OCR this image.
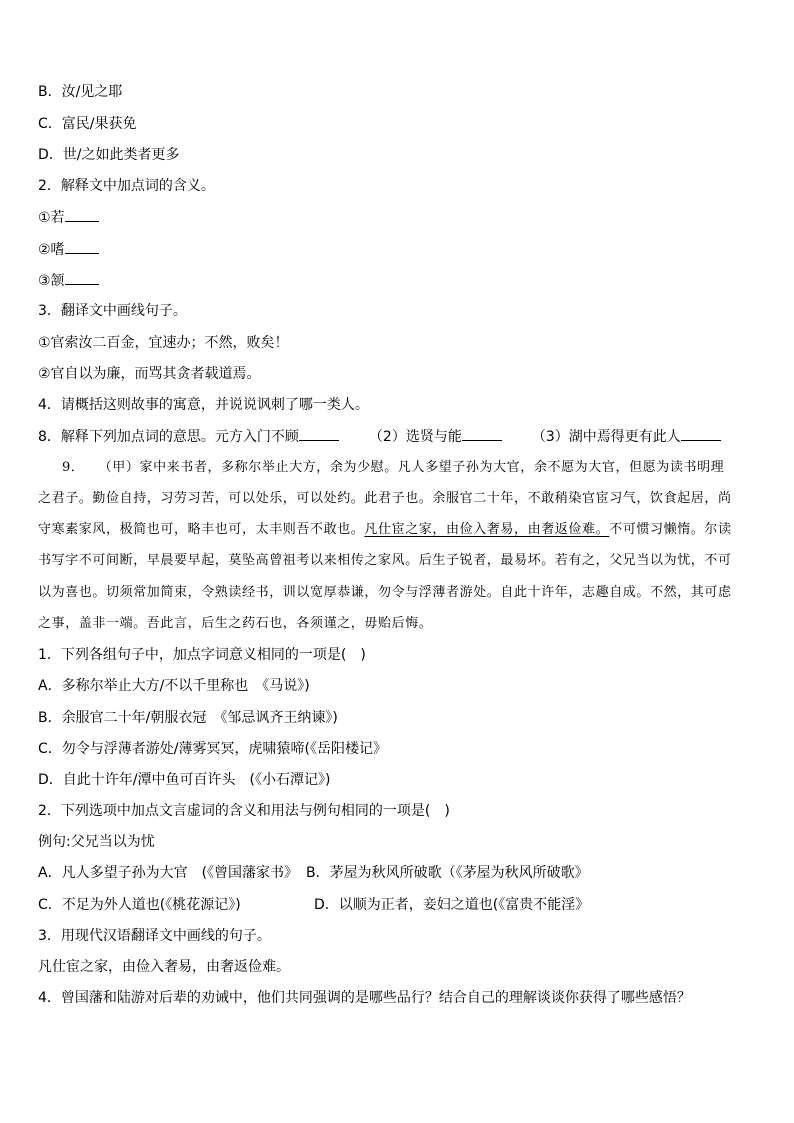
B．汝/见之耶
C．富民/果获免
D．世/之如此类者更多
2．解释文中加点词的含义。
①若
②嗜
③颔
3．翻译文中画线句子。
①官索汝二百金，宜速办；不然，败矣！
②官自以为廉，而骂其贪者载道焉。
4．请概括这则故事的寓意，并说说讽刺了哪一类人。
8．解释下列加点词的意思。元方入门不顾	（2）选贤与能	（3）湖中焉得更有此人
9．　　（甲）家中来书者，多称尔举止大方，余为少慰。凡人多望子孙为大官，余不愿为大官，但愿为读书明理
之君子。勤俭自持，习劳习苦，可以处乐，可以处约。此君子也。余服官二十年，不敢稍染官宦习气，饮食起居，尚
守寒素家风，极简也可，略丰也可，太丰则吾不敢也。凡仕宦之家，由俭入奢易，由奢返俭难。不可惯习懒惰。尔读
书写字不可间断，早晨要早起，莫坠高曾祖考以来相传之家风。后生子锐者，最易坏。若有之，父兄当以为忧，不可
以为喜也。切须常加简束，令熟读经书，训以宽厚恭谦，勿令与浮薄者游处。自此十许年，志趣自成。不然，其可虑
之事，盖非一端。吾此言，后生之药石也，各须谨之，毋贻后悔。
1．下列各组句子中，加点字词意义相同的一项是(　)
A．多称尔举止大方/不以千里称也　《马说》)
B．余服官二十年/朝服衣冠　《邹忌讽齐王纳谏》)
C．勿令与浮薄者游处/薄雾冥冥，虎啸猿啼(《岳阳楼记》
D．自此十许年/潭中鱼可百许头　(《小石潭记》)
2．下列选项中加点文言虚词的含义和用法与例句相同的一项是(　)
例句:父兄当以为忧
A．凡人多望子孙为大官　(《曾国藩家书》 B．茅屋为秋风所破歌（《茅屋为秋风所破歌》
C．不足为外人道也(《桃花源记》)	D．以顺为正者，妾妇之道也(《富贵不能淫》
3．用现代汉语翻译文中画线的句子。
凡仕宦之家，由俭入奢易，由奢返俭难。
4．曾国藩和陆游对后辈的劝诫中，他们共同强调的是哪些品行？结合自己的理解谈谈你获得了哪些感悟？
